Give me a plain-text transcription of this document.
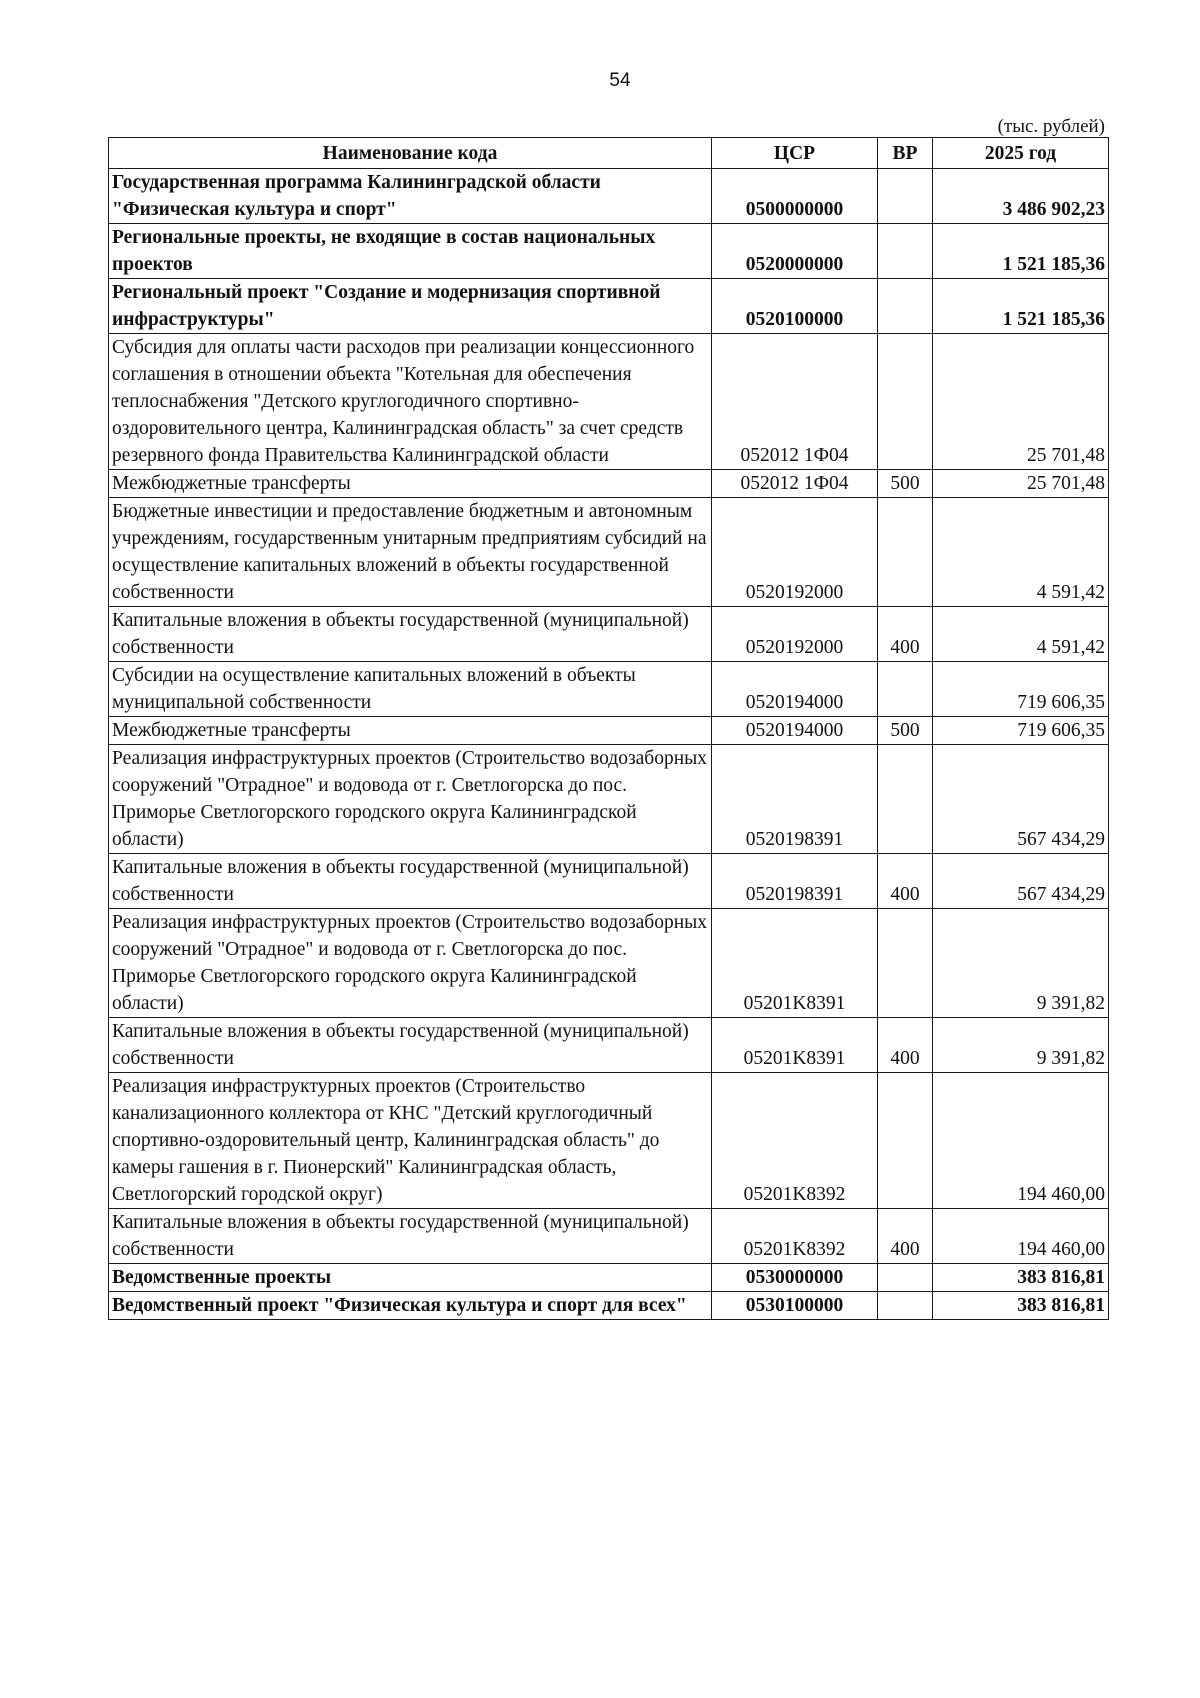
54
(тыс. рублей)
Наименование кода	ЦСР	ВР	2025 год
Государственная программа Калининградской области "Физическая культура и спорт"	0500000000		3 486 902,23
Региональные проекты, не входящие в состав национальных проектов	0520000000		1 521 185,36
Региональный проект "Создание и модернизация спортивной инфраструктуры"	0520100000		1 521 185,36
Субсидия для оплаты части расходов при реализации концессионного соглашения в отношении объекта "Котельная для обеспечения теплоснабжения "Детского круглогодичного спортивно-оздоровительного центра, Калининградская область" за счет средств резервного фонда Правительства Калининградской области	052012 1Ф04		25 701,48
Межбюджетные трансферты	052012 1Ф04	500	25 701,48
Бюджетные инвестиции и предоставление бюджетным и автономным учреждениям, государственным унитарным предприятиям субсидий на осуществление капитальных вложений в объекты государственной собственности	0520192000		4 591,42
Капитальные вложения в объекты государственной (муниципальной) собственности	0520192000	400	4 591,42
Субсидии на осуществление капитальных вложений в объекты муниципальной собственности	0520194000		719 606,35
Межбюджетные трансферты	0520194000	500	719 606,35
Реализация инфраструктурных проектов (Строительство водозаборных сооружений "Отрадное" и водовода от г. Светлогорска до пос. Приморье Светлогорского городского округа Калининградской области)	0520198391		567 434,29
Капитальные вложения в объекты государственной (муниципальной) собственности	0520198391	400	567 434,29
Реализация инфраструктурных проектов (Строительство водозаборных сооружений "Отрадное" и водовода от г. Светлогорска до пос. Приморье Светлогорского городского округа Калининградской области)	05201K8391		9 391,82
Капитальные вложения в объекты государственной (муниципальной) собственности	05201K8391	400	9 391,82
Реализация инфраструктурных проектов (Строительство канализационного коллектора от КНС "Детский круглогодичный спортивно-оздоровительный центр, Калининградская область" до камеры гашения в г. Пионерский" Калининградская область, Светлогорский городской округ)	05201K8392		194 460,00
Капитальные вложения в объекты государственной (муниципальной) собственности	05201K8392	400	194 460,00
Ведомственные проекты	0530000000		383 816,81
Ведомственный проект "Физическая культура и спорт для всех"	0530100000		383 816,81
